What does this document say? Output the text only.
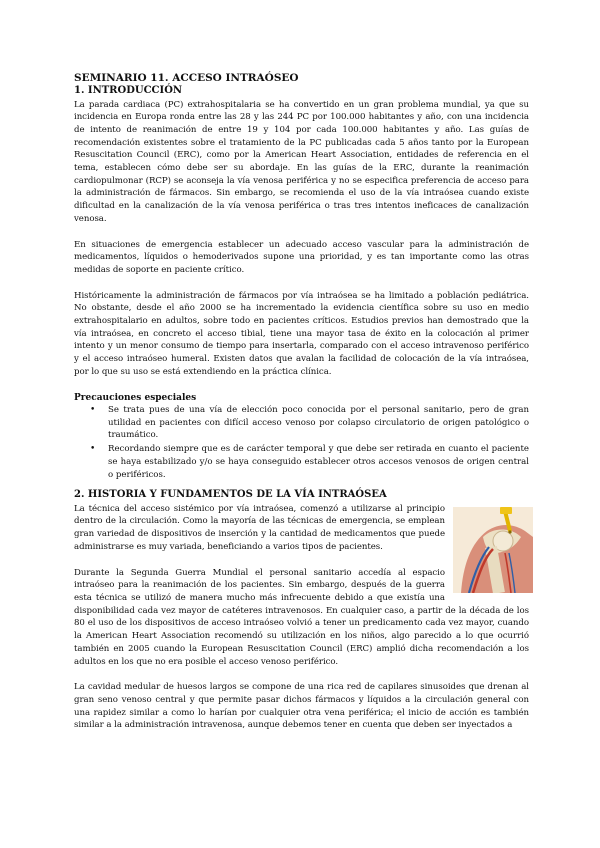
SEMINARIO 11. ACCESO INTRAÓSEO
1. INTRODUCCIÓN

La parada cardiaca (PC) extrahospitalaria se ha convertido en un gran problema mundial, ya que su incidencia en Europa ronda entre las 28 y las 244 PC por 100.000 habitantes y año, con una incidencia de intento de reanimación de entre 19 y 104 por cada 100.000 habitantes y año. Las guías de recomendación existentes sobre el tratamiento de la PC publicadas cada 5 años tanto por la European Resuscitation Council (ERC), como por la American Heart Association, entidades de referencia en el tema, establecen cómo debe ser su abordaje. En las guías de la ERC, durante la reanimación cardiopulmonar (RCP) se aconseja la vía venosa periférica y no se especifica preferencia de acceso para la administración de fármacos. Sin embargo, se recomienda el uso de la vía intraósea cuando existe dificultad en la canalización de la vía venosa periférica o tras tres intentos ineficaces de canalización venosa.

En situaciones de emergencia establecer un adecuado acceso vascular para la administración de medicamentos, líquidos o hemoderivados supone una prioridad, y es tan importante como las otras medidas de soporte en paciente crítico.

Históricamente la administración de fármacos por vía intraósea se ha limitado a población pediátrica. No obstante, desde el año 2000 se ha incrementado la evidencia científica sobre su uso en medio extrahospitalario en adultos, sobre todo en pacientes críticos. Estudios previos han demostrado que la vía intraósea, en concreto el acceso tibial, tiene una mayor tasa de éxito en la colocación al primer intento y un menor consumo de tiempo para insertarla, comparado con el acceso intravenoso periférico y el acceso intraóseo humeral. Existen datos que avalan la facilidad de colocación de la vía intraósea, por lo que su uso se está extendiendo en la práctica clínica.

Precauciones especiales
• Se trata pues de una vía de elección poco conocida por el personal sanitario, pero de gran utilidad en pacientes con difícil acceso venoso por colapso circulatorio de origen patológico o traumático.
• Recordando siempre que es de carácter temporal y que debe ser retirada en cuanto el paciente se haya estabilizado y/o se haya conseguido establecer otros accesos venosos de origen central o periféricos.
2. HISTORIA Y FUNDAMENTOS DE LA VÍA INTRAÓSEA

La técnica del acceso sistémico por vía intraósea, comenzó a utilizarse al principio dentro de la circulación. Como la mayoría de las técnicas de emergencia, se emplean gran variedad de dispositivos de inserción y la cantidad de medicamentos que puede administrarse es muy variada, beneficiando a varios tipos de pacientes.

Durante la Segunda Guerra Mundial el personal sanitario accedía al espacio intraóseo para la reanimación de los pacientes. Sin embargo, después de la guerra esta técnica se utilizó de manera mucho más infrecuente debido a que existía una disponibilidad cada vez mayor de catéteres intravenosos. En cualquier caso, a partir de la década de los 80 el uso de los dispositivos de acceso intraóseo volvió a tener un predicamento cada vez mayor, cuando la American Heart Association recomendó su utilización en los niños, algo parecido a lo que ocurrió también en 2005 cuando la European Resuscitation Council (ERC) amplió dicha recomendación a los adultos en los que no era posible el acceso venoso periférico.

La cavidad medular de huesos largos se compone de una rica red de capilares sinusoides que drenan al gran seno venoso central y que permite pasar dichos fármacos y líquidos a la circulación general con una rapidez similar a como lo harían por cualquier otra vena periférica; el inicio de acción es también similar a la administración intravenosa, aunque debemos tener en cuenta que deben ser inyectados a
